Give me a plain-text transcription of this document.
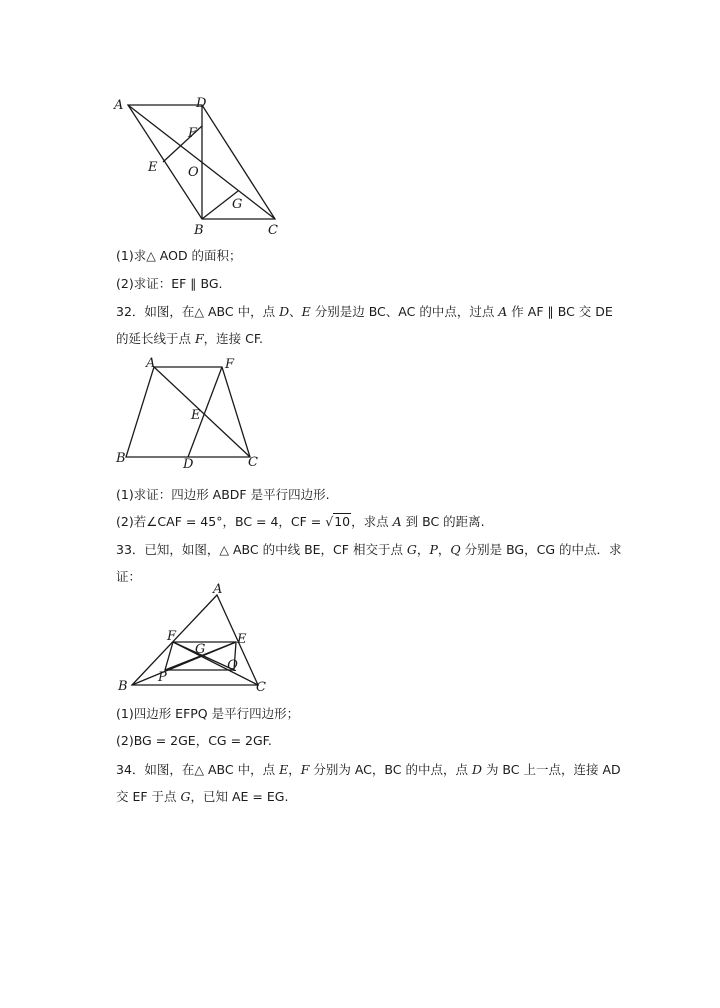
A	D
F
E O
G
B	C
(1)求△ AOD 的面积；
(2)求证：EF ∥ BG.
32．如图，在△ ABC 中，点 D、E 分别是边 BC、AC 的中点，过点 A 作 AF ∥ BC 交 DE
的延长线于点 F，连接 CF.
A	F
E
B	D	C
(1)求证：四边形 ABDF 是平行四边形.
(2)若∠CAF = 45°，BC = 4，CF = √10，求点 A 到 BC 的距离.
33．已知，如图，△ ABC 的中线 BE，CF 相交于点 G，P，Q 分别是 BG，CG 的中点．求
证：
A
F	E
G
Q
P
B	C
(1)四边形 EFPQ 是平行四边形；
(2)BG = 2GE，CG = 2GF.
34．如图，在△ ABC 中，点 E，F 分别为 AC，BC 的中点，点 D 为 BC 上一点，连接 AD
交 EF 于点 G，已知 AE = EG.
